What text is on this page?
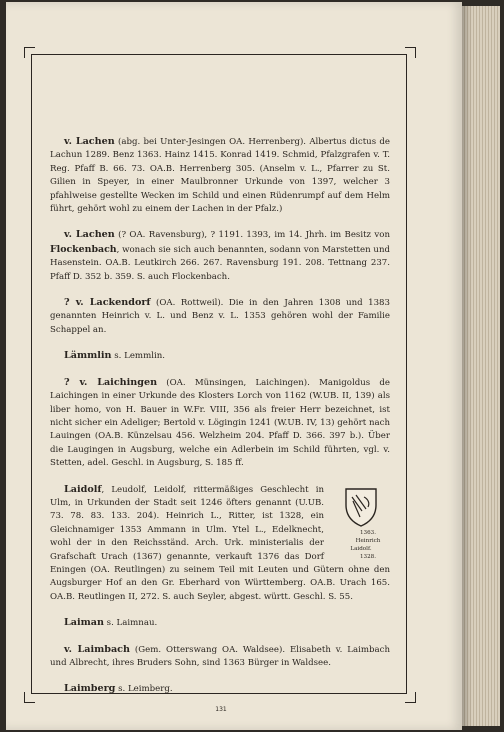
v. Lachen (abg. bei Unter-Jesingen OA. Herrenberg). Albertus dictus de Lachun 1289. Benz 1363. Hainz 1415. Konrad 1419. Schmid, Pfalzgrafen v. T. Reg. Pfaff B. 66. 73. OA.B. Herrenberg 305. (Anselm v. L., Pfarrer zu St. Gilien in Speyer, in einer Maulbronner Urkunde von 1397, welcher 3 pfahlweise gestellte Wecken im Schild und einen Rüdenrumpf auf dem Helm führt, gehört wohl zu einem der Lachen in der Pfalz.)

v. Lachen (? OA. Ravensburg), ? 1191. 1393, im 14. Jhrh. im Besitz von Flockenbach, wonach sie sich auch benannten, sodann von Marstetten und Hasenstein. OA.B. Leutkirch 266. 267. Ravensburg 191. 208. Tettnang 237. Pfaff D. 352 b. 359. S. auch Flockenbach.

? v. Lackendorf (OA. Rottweil). Die in den Jahren 1308 und 1383 genannten Heinrich v. L. und Benz v. L. 1353 gehören wohl der Familie Schappel an.

Lämmlin s. Lemmlin.

? v. Laichingen (OA. Münsingen, Laichingen). Manigoldus de Laichingen in einer Urkunde des Klosters Lorch von 1162 (W.UB. II, 139) als liber homo, von H. Bauer in W.Fr. VIII, 356 als freier Herr bezeichnet, ist nicht sicher ein Adeliger; Bertold v. Lögingin 1241 (W.UB. IV, 13) gehört nach Lauingen (OA.B. Künzelsau 456. Welzheim 204. Pfaff D. 366. 397 b.). Über die Laugingen in Augsburg, welche ein Adlerbein im Schild führten, vgl. v. Stetten, adel. Geschl. in Augsburg, S. 185 ff.

1363.
Heinrich Laidolf.
1328.
Laidolf, Leudolf, Leidolf, rittermäßiges Geschlecht in Ulm, in Urkunden der Stadt seit 1246 öfters genannt (U.UB. 73. 78. 83. 133. 204). Heinrich L., Ritter, ist 1328, ein Gleichnamiger 1353 Ammann in Ulm. Ytel L., Edelknecht, wohl der in den Reichsständ. Arch. Urk. ministerialis der Grafschaft Urach (1367) genannte, verkauft 1376 das Dorf Eningen (OA. Reutlingen) zu seinem Teil mit Leuten und Gütern ohne den Augsburger Hof an den Gr. Eberhard von Württemberg. OA.B. Urach 165. OA.B. Reutlingen II, 272. S. auch Seyler, abgest. württ. Geschl. S. 55.

Laiman s. Laimnau.

v. Laimbach (Gem. Otterswang OA. Waldsee). Elisabeth v. Laimbach und Albrecht, ihres Bruders Sohn, sind 1363 Bürger in Waldsee.

Laimberg s. Leimberg.

131
